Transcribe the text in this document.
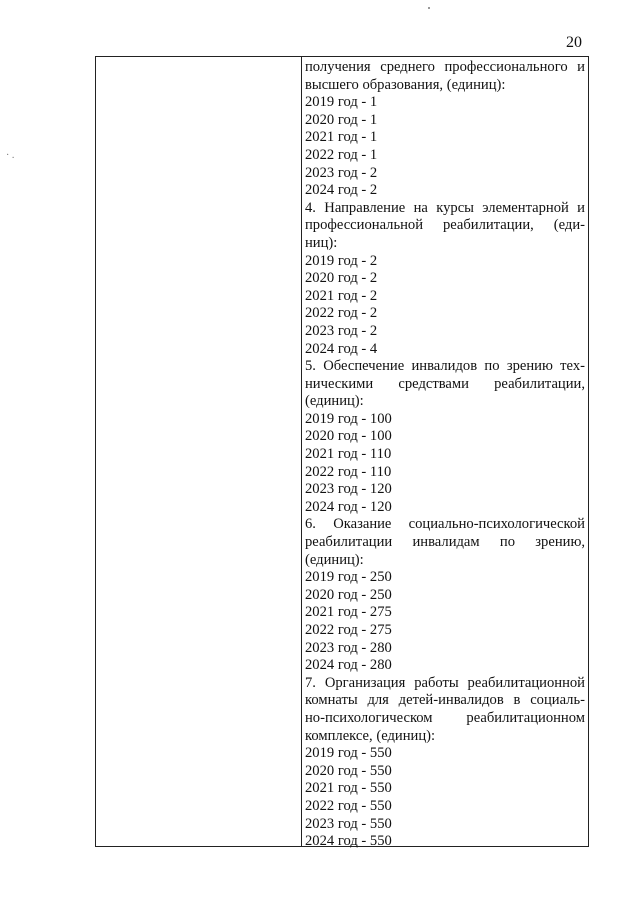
20
· .
получения среднего профессионального и
высшего образования, (единиц):
2019 год - 1
2020 год - 1
2021 год - 1
2022 год - 1
2023 год - 2
2024 год - 2
4. Направление на курсы элементарной и
профессиональной реабилитации, (еди-
ниц):
2019 год - 2
2020 год - 2
2021 год - 2
2022 год - 2
2023 год - 2
2024 год - 4
5. Обеспечение инвалидов по зрению тех-
ническими средствами реабилитации,
(единиц):
2019 год - 100
2020 год - 100
2021 год - 110
2022 год - 110
2023 год - 120
2024 год - 120
6. Оказание социально-психологической
реабилитации инвалидам по зрению,
(единиц):
2019 год - 250
2020 год - 250
2021 год - 275
2022 год - 275
2023 год - 280
2024 год - 280
7. Организация работы реабилитационной
комнаты для детей-инвалидов в социаль-
но-психологическом реабилитационном
комплексе, (единиц):
2019 год - 550
2020 год - 550
2021 год - 550
2022 год - 550
2023 год - 550
2024 год - 550
